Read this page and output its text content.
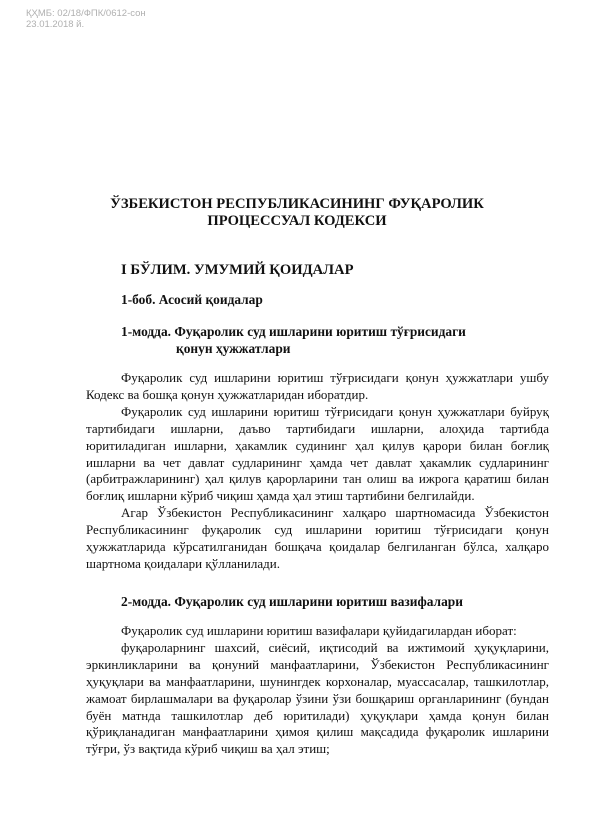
ҚҲМБ: 02/18/ФПК/0612-сон
23.01.2018 й.
ЎЗБЕКИСТОН РЕСПУБЛИКАСИНИНГ ФУҚАРОЛИК
ПРОЦЕССУАЛ КОДЕКСИ
I БЎЛИМ. УМУМИЙ ҚОИДАЛАР
1-боб. Асосий қоидалар
1-модда. Фуқаролик суд ишларини юритиш тўғрисидаги
қонун ҳужжатлари

Фуқаролик суд ишларини юритиш тўғрисидаги қонун ҳужжатлари ушбу Кодекс ва бошқа қонун ҳужжатларидан иборатдир.

Фуқаролик суд ишларини юритиш тўғрисидаги қонун ҳужжатлари буйруқ тартибидаги ишларни, даъво тартибидаги ишларни, алоҳида тартибда юритиладиган ишларни, ҳакамлик судининг ҳал қилув қарори билан боғлиқ ишларни ва чет давлат судларининг ҳамда чет давлат ҳакамлик судларининг (арбитражларининг) ҳал қилув қарорларини тан олиш ва ижрога қаратиш билан боғлиқ ишларни кўриб чиқиш ҳамда ҳал этиш тартибини белгилайди.

Агар Ўзбекистон Республикасининг халқаро шартномасида Ўзбекистон Республикасининг фуқаролик суд ишларини юритиш тўғрисидаги қонун ҳужжатларида кўрсатилганидан бошқача қоидалар белгиланган бўлса, халқаро шартнома қоидалари қўлланилади.

2-модда. Фуқаролик суд ишларини юритиш вазифалари

Фуқаролик суд ишларини юритиш вазифалари қуйидагилардан иборат:

фуқароларнинг шахсий, сиёсий, иқтисодий ва ижтимоий ҳуқуқларини, эркинликларини ва қонуний манфаатларини, Ўзбекистон Республикасининг ҳуқуқлари ва манфаатларини, шунингдек корхоналар, муассасалар, ташкилотлар, жамоат бирлашмалари ва фуқаролар ўзини ўзи бошқариш органларининг (бундан буён матнда ташкилотлар деб юритилади) ҳуқуқлари ҳамда қонун билан қўриқланадиган манфаатларини ҳимоя қилиш мақсадида фуқаролик ишларини тўғри, ўз вақтида кўриб чиқиш ва ҳал этиш;
